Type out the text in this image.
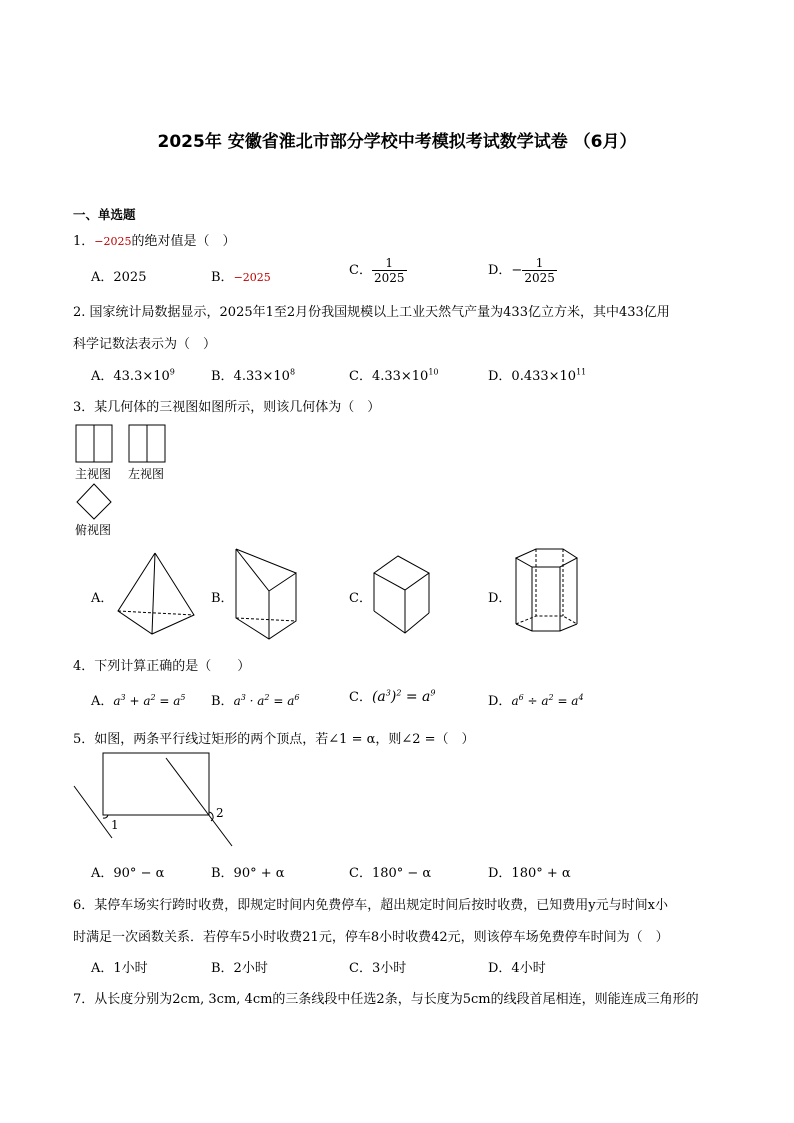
2025年 安徽省淮北市部分学校中考模拟考试数学试卷 （6月）
一、单选题
1．−2025的绝对值是（　）
A．2025	B．−2025	C． $\frac{1}{2025}$	D．− $\frac{1}{2025}$
2. 国家统计局数据显示，2025年1至2月份我国规模以上工业天然气产量为433亿立方米，其中433亿用
科学记数法表示为（　）
A．$43.3\times 10^9$	B．$4.33\times 10^8$	C．$4.33\times 10^{10}$	D．$0.433\times 10^{11}$
3．某几何体的三视图如图所示，则该几何体为（　）
主视图 左视图
俯视图
A．	B．	C．	D．
4．下列计算正确的是（　　）
A．$a^3 + a^2 = a^5$ B．$a^3 \cdot a^2 = a^6$	C．$(a^3)^2 = a^9$
D．$a^6 \div a^2 = a^4$
5．如图，两条平行线过矩形的两个顶点，若∠1 = α，则∠2 =（　）
1
2
A．90° − α	B．90° + α	C．180° − α	D．180° + α
6．某停车场实行跨时收费，即规定时间内免费停车，超出规定时间后按时收费，已知费用y元与时间x小
时满足一次函数关系．若停车5小时收费21元，停车8小时收费42元，则该停车场免费停车时间为（　）
A．1小时	B．2小时	C．3小时	D．4小时
7．从长度分别为2cm, 3cm, 4cm的三条线段中任选2条，与长度为5cm的线段首尾相连，则能连成三角形的
